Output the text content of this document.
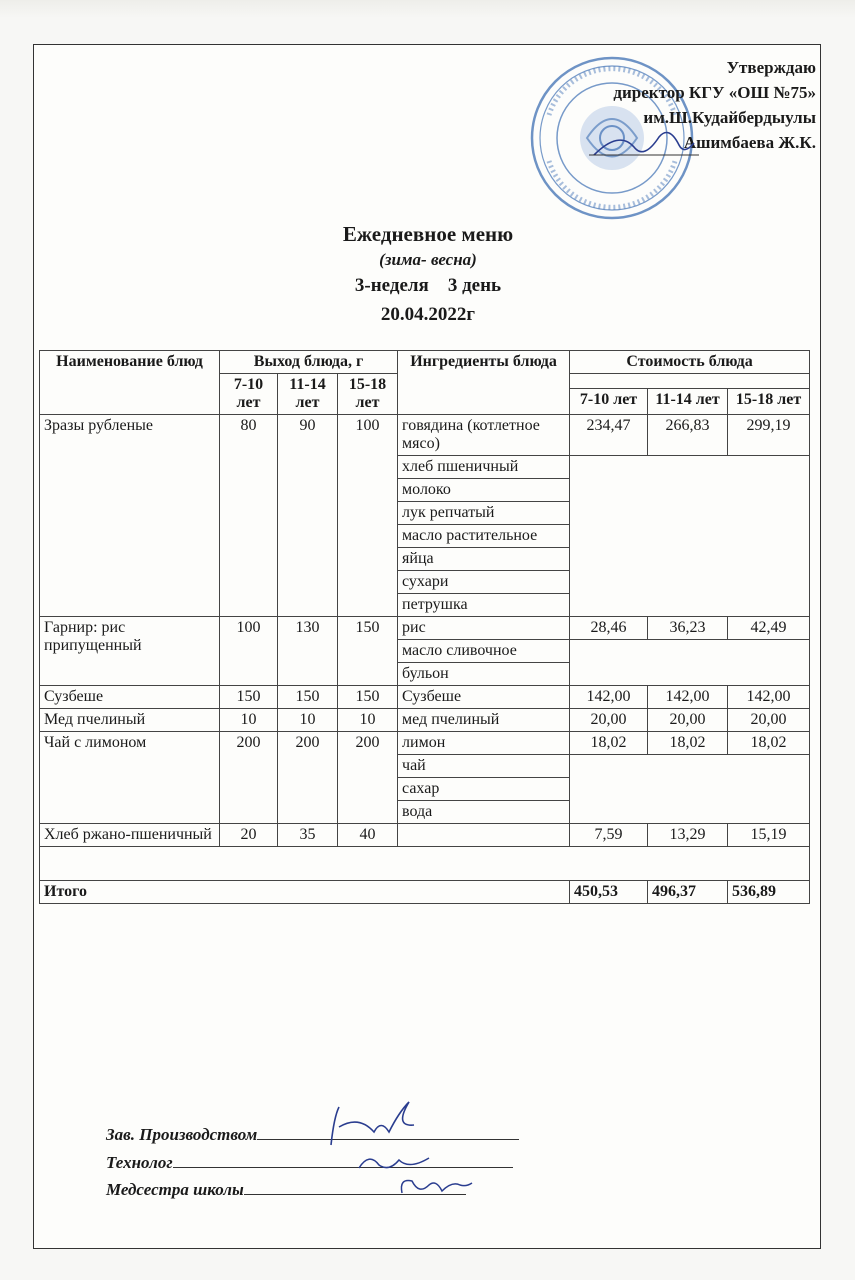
Утверждаю
директор КГУ «ОШ №75»
им.Ш.Кудайбердыулы
Ашимбаева Ж.К.
Ежедневное меню
(зима- весна)
3-неделя    3 день
20.04.2022г
Наименование блюд	Выход блюда, г			Ингредиенты блюда	Стоимость блюда		
	7-10 лет	11-14 лет	15-18 лет				
					7-10 лет	11-14 лет	15-18 лет
Зразы рубленые	80	90	100	говядина (котлетное мясо)	234,47	266,83	299,19
				хлеб пшеничный			
				молоко			
				лук репчатый			
				масло растительное			
				яйца			
				сухари			
				петрушка			
Гарнир: рис припущенный	100	130	150	рис	28,46	36,23	42,49
				масло сливочное			
				бульон			
Сузбеше	150	150	150	Сузбеше	142,00	142,00	142,00
Мед пчелиный	10	10	10	мед пчелиный	20,00	20,00	20,00
Чай с лимоном	200	200	200	лимон	18,02	18,02	18,02
				чай			
				сахар			
				вода			
Хлеб ржано-пшеничный	20	35	40		7,59	13,29	15,19

Итого					450,53	496,37	536,89
Зав. Производством
Технолог
Медсестра школы
